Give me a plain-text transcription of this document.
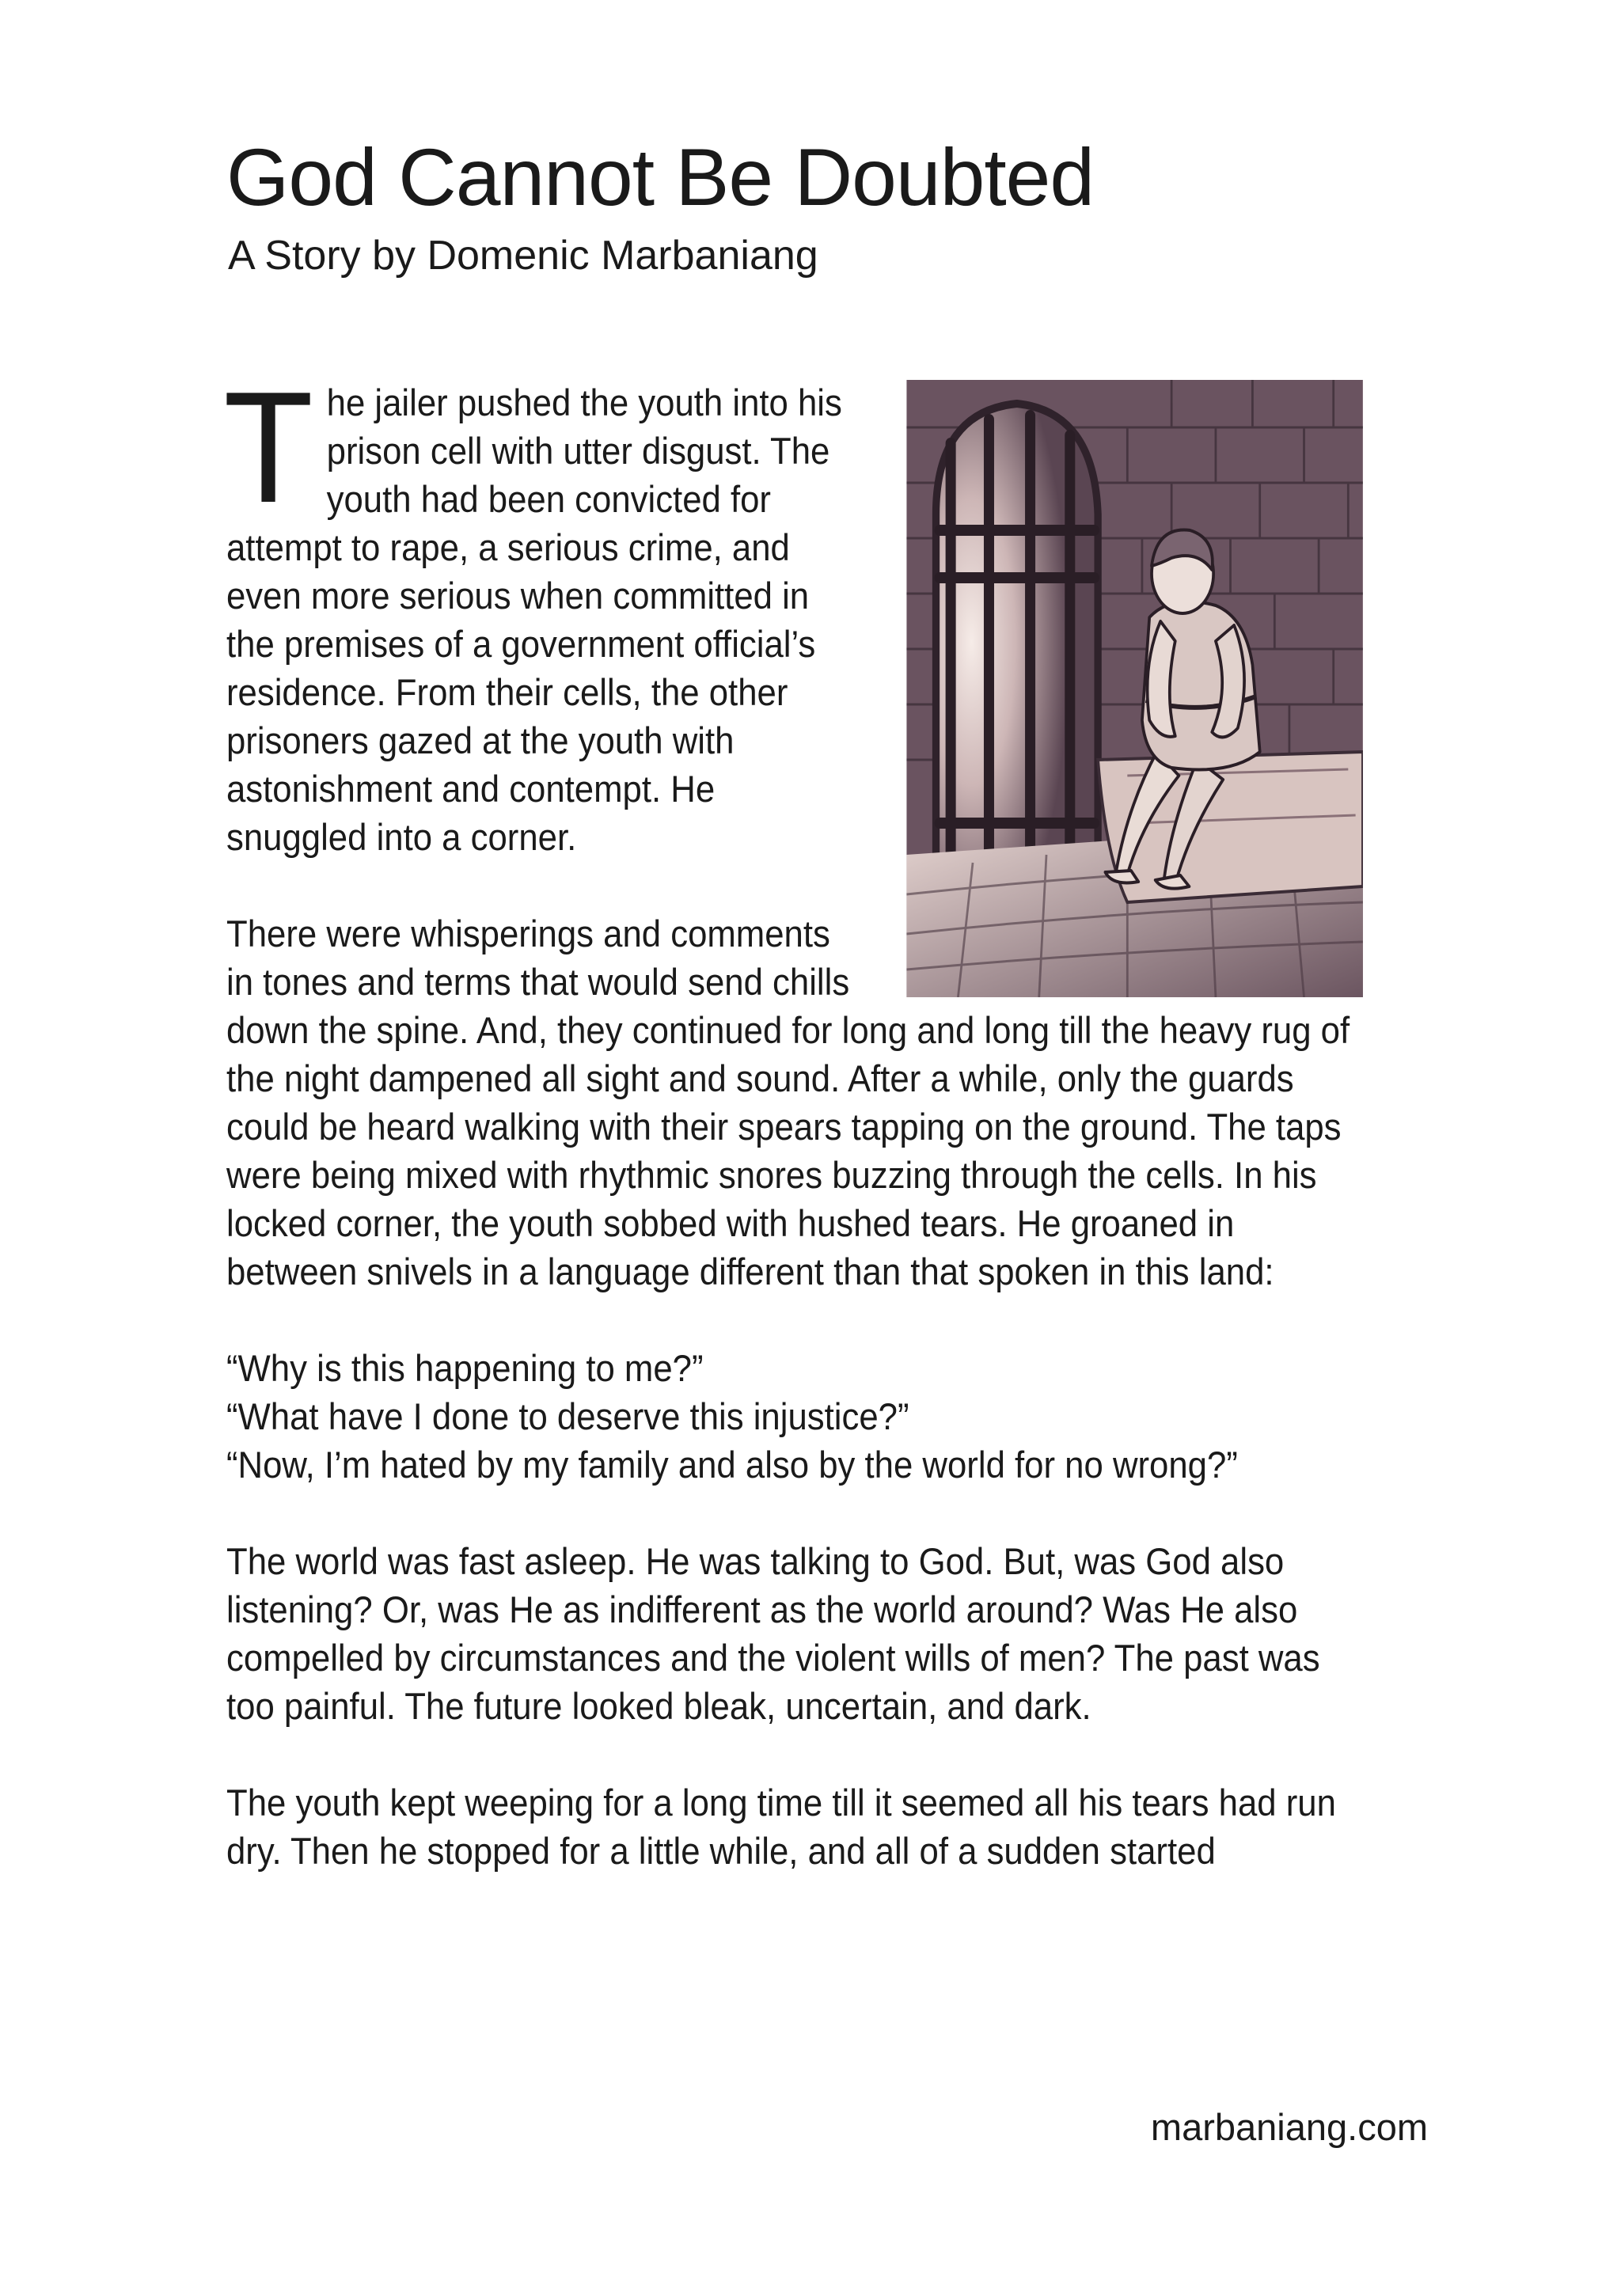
God Cannot Be Doubted
A Story by Domenic Marbaniang

The jailer pushed the youth into his prison cell with utter disgust. The youth had been convicted for attempt to rape, a serious crime, and even more serious when committed in the premises of a government official’s residence. From their cells, the other prisoners gazed at the youth with astonishment and contempt. He snuggled into a corner.

There were whisperings and comments in tones and terms that would send chills down the spine. And, they continued for long and long till the heavy rug of the night dampened all sight and sound. After a while, only the guards could be heard walking with their spears tapping on the ground. The taps were being mixed with rhythmic snores buzzing through the cells. In his locked corner, the youth sobbed with hushed tears. He groaned in between snivels in a language different than that spoken in this land:

“Why is this happening to me?”
“What have I done to deserve this injustice?”
“Now, I’m hated by my family and also by the world for no wrong?”

The world was fast asleep. He was talking to God. But, was God also listening? Or, was He as indifferent as the world around? Was He also compelled by circumstances and the violent wills of men? The past was too painful. The future looked bleak, uncertain, and dark.

The youth kept weeping for a long time till it seemed all his tears had run dry. Then he stopped for a little while, and all of a sudden started

marbaniang.com
